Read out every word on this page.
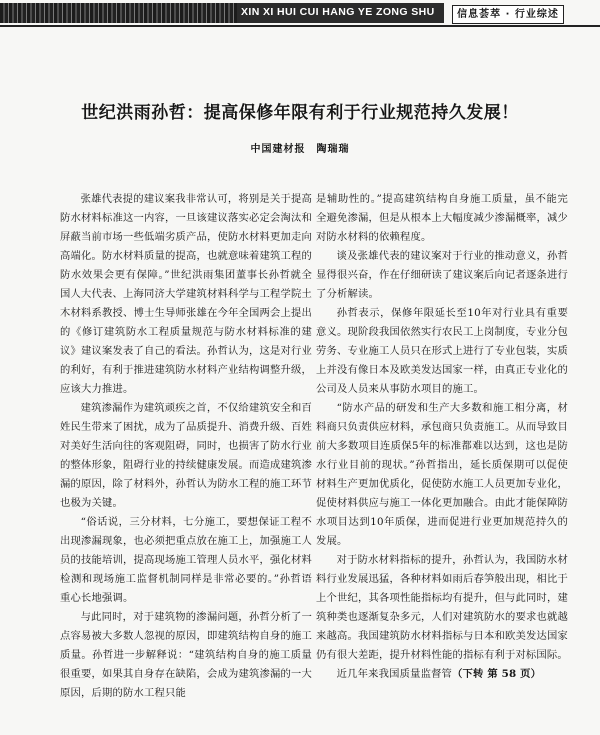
XIN XI HUI CUI HANG YE ZONG SHU	信息荟萃 · 行业综述
世纪洪雨孙哲：提高保修年限有利于行业规范持久发展！
中国建材报　陶瑞瑞

张雄代表提的建议案我非常认可，将别是关于提高防水材料标准这一内容，一旦该建议落实必定会淘汰和屏蔽当前市场一些低端劣质产品，使防水材料更加走向高端化。防水材料质量的提高，也就意味着建筑工程的防水效果会更有保障。”世纪洪雨集团董事长孙哲就全国人大代表、上海同济大学建筑材料科学与工程学院土木材料系教授、博士生导师张雄在今年全国两会上提出的《修订建筑防水工程质量规范与防水材料标准的建议》建议案发表了自己的看法。孙哲认为，这是对行业的利好，有利于推进建筑防水材料产业结构调整升级，应该大力推进。

建筑渗漏作为建筑顽疾之首，不仅给建筑安全和百姓民生带来了困扰，成为了品质提升、消费升级、百姓对美好生活向往的客观阻碍，同时，也损害了防水行业的整体形象，阻碍行业的持续健康发展。而造成建筑渗漏的原因，除了材料外，孙哲认为防水工程的施工环节也极为关键。

“俗话说，三分材料，七分施工，要想保证工程不出现渗漏现象，也必须把重点放在施工上，加强施工人员的技能培训，提高现场施工管理人员水平，强化材料检测和现场施工监督机制同样是非常必要的。”孙哲语重心长地强调。

与此同时，对于建筑物的渗漏问题，孙哲分析了一点容易被大多数人忽视的原因，即建筑结构自身的施工质量。孙哲进一步解释说：“建筑结构自身的施工质量很重要，如果其自身存在缺陷，会成为建筑渗漏的一大原因，后期的防水工程只能

是辅助性的。”提高建筑结构自身施工质量，虽不能完全避免渗漏，但是从根本上大幅度减少渗漏概率，减少对防水材料的依赖程度。

谈及张雄代表的建议案对于行业的推动意义，孙哲显得很兴奋，作在仔细研读了建议案后向记者逐条进行了分析解读。

孙哲表示，保修年限延长至10年对行业具有重要意义。现阶段我国依然实行农民工上岗制度，专业分包劳务、专业施工人员只在形式上进行了专业包装，实质上并没有像日本及欧美发达国家一样，由真正专业化的公司及人员来从事防水项目的施工。

“防水产品的研发和生产大多数和施工相分离，材料商只负责供应材料，承包商只负责施工。从而导致目前大多数项目连质保5年的标准都难以达到，这也是防水行业目前的现状。”孙哲指出，延长质保期可以促使材料生产更加优质化，促使防水施工人员更加专业化，促使材料供应与施工一体化更加融合。由此才能保障防水项目达到10年质保，进而促进行业更加规范持久的发展。

对于防水材料指标的提升，孙哲认为，我国防水材料行业发展迅猛，各种材料如雨后春笋般出现，相比于上个世纪，其各项性能指标均有提升，但与此同时，建筑种类也逐渐复杂多元，人们对建筑防水的要求也就越来越高。我国建筑防水材料指标与日本和欧美发达国家仍有很大差距，提升材料性能的指标有利于对标国际。

近几年来我国质量监督管（下转 第 58 页）
